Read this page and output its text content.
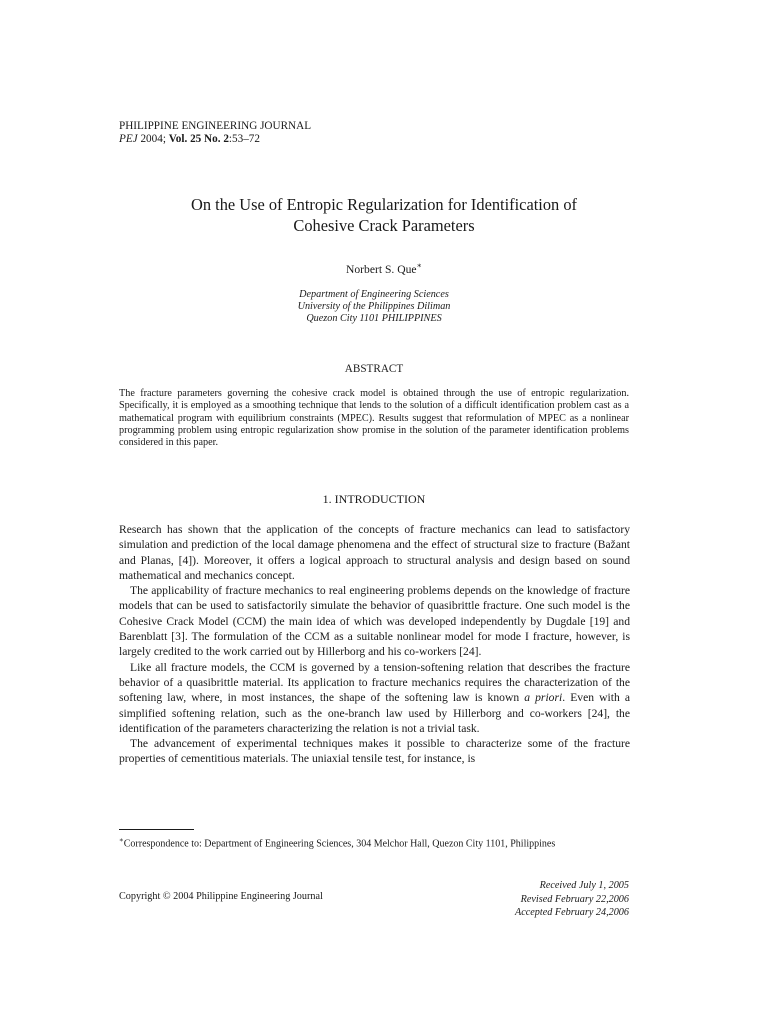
PHILIPPINE ENGINEERING JOURNAL
PEJ 2004; Vol. 25 No. 2:53–72
On the Use of Entropic Regularization for Identification of
Cohesive Crack Parameters
Norbert S. Que∗
Department of Engineering Sciences
University of the Philippines Diliman
Quezon City 1101 PHILIPPINES
ABSTRACT
The fracture parameters governing the cohesive crack model is obtained through the use of entropic regularization. Specifically, it is employed as a smoothing technique that lends to the solution of a difficult identification problem cast as a mathematical program with equilibrium constraints (MPEC). Results suggest that reformulation of MPEC as a nonlinear programming problem using entropic regularization show promise in the solution of the parameter identification problems considered in this paper.
1. INTRODUCTION

Research has shown that the application of the concepts of fracture mechanics can lead to satisfactory simulation and prediction of the local damage phenomena and the effect of structural size to fracture (Bažant and Planas, [4]). Moreover, it offers a logical approach to structural analysis and design based on sound mathematical and mechanics concept.

The applicability of fracture mechanics to real engineering problems depends on the knowledge of fracture models that can be used to satisfactorily simulate the behavior of quasibrittle fracture. One such model is the Cohesive Crack Model (CCM) the main idea of which was developed independently by Dugdale [19] and Barenblatt [3]. The formulation of the CCM as a suitable nonlinear model for mode I fracture, however, is largely credited to the work carried out by Hillerborg and his co-workers [24].

Like all fracture models, the CCM is governed by a tension-softening relation that describes the fracture behavior of a quasibrittle material. Its application to fracture mechanics requires the characterization of the softening law, where, in most instances, the shape of the softening law is known a priori. Even with a simplified softening relation, such as the one-branch law used by Hillerborg and co-workers [24], the identification of the parameters characterizing the relation is not a trivial task.

The advancement of experimental techniques makes it possible to characterize some of the fracture properties of cementitious materials. The uniaxial tensile test, for instance, is

∗Correspondence to: Department of Engineering Sciences, 304 Melchor Hall, Quezon City 1101, Philippines
Copyright © 2004 Philippine Engineering Journal
Received July 1, 2005
Revised February 22,2006
Accepted February 24,2006
